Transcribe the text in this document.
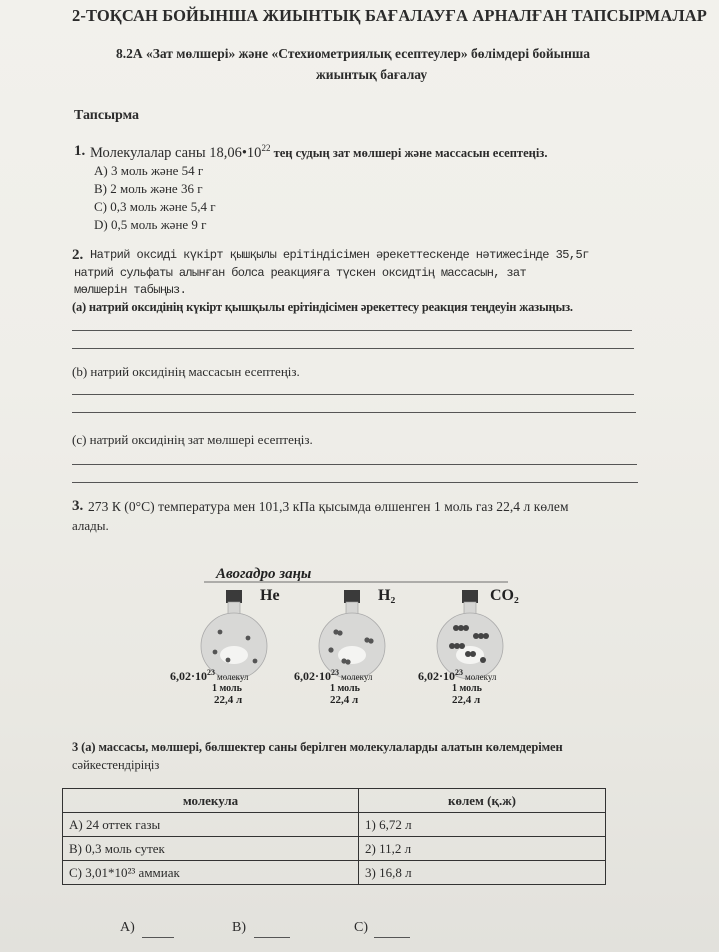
2-ТОҚСАН БОЙЫНША ЖИЫНТЫҚ БАҒАЛАУҒА АРНАЛҒАН ТАПСЫРМАЛАР
8.2А «Зат мөлшері» және «Стехиометриялық есептеулер» бөлімдері бойынша
жиынтық бағалау
Тапсырма
1. Молекулалар саны $18,06•10^{22}$ тең судың зат мөлшері және массасын есептеңіз.
A) 3 моль және 54 г
B) 2 моль және 36 г
C) 0,3 моль және 5,4 г
D) 0,5 моль және 9 г
2. Натрий оксиді күкірт қышқылы ерітіндісімен әрекеттескенде нәтижесінде 35,5г
натрий сульфаты алынған болса реакцияға түскен оксидтің массасын, зат
мөлшерін табыңыз.
(а) натрий оксидінің күкірт қышқылы ерітіндісімен әрекеттесу реакция теңдеуін жазыңыз.
(b) натрий оксидінің массасын есептеңіз.
(с) натрий оксидінің зат мөлшері есептеңіз.
3. 273 К (0°С) температура мен 101,3 кПа қысымда өлшенген 1 моль газ 22,4 л көлем
алады.
Авогадро заңы
He	H₂	CO₂
$6,02\cdot 10^{23}$ $_{молекул}$
1 моль
22,4 л
$6,02\cdot 10^{23}$ $_{молекул}$
1 моль
22,4 л
$6,02\cdot 10^{23}$ $_{молекул}$
1 моль
22,4 л
3 (а) массасы, мөлшері, бөлшектер саны берілген молекулаларды алатын көлемдерімен
сәйкестендіріңіз
молекула	көлем (қ.ж)
А) 24 оттек газы	1) 6,72 л
В) 0,3 моль сутек	2) 11,2 л
С) 3,01*10²³ аммиак	3) 16,8 л
А)	В)	С)
